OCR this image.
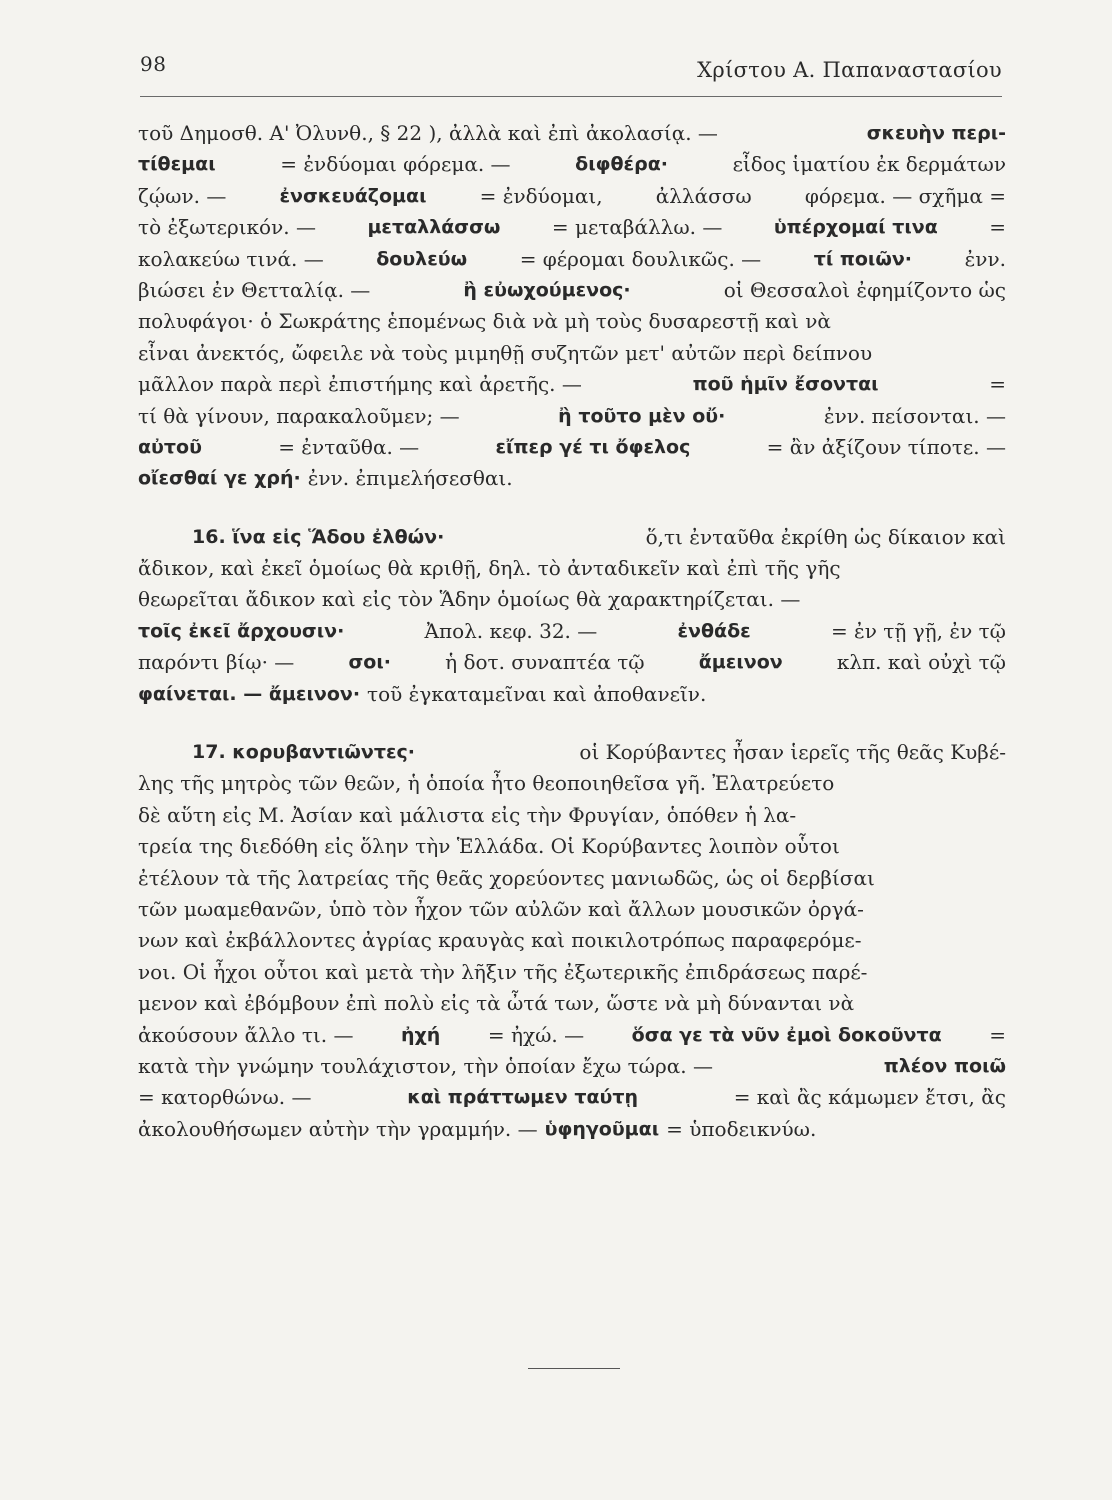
98	Χρίστου Α. Παπαναστασίου
τοῦ Δημοσθ. Α' Ὀλυνθ., § 22 ), ἀλλὰ καὶ ἐπὶ ἀκολασίᾳ. —	σκευὴν περι-
τίθεμαι	= ἐνδύομαι φόρεμα. —	διφθέρα·	εἶδος ἱματίου ἐκ δερμάτων
ζῴων. —	ἐνσκευάζομαι	= ἐνδύομαι,	ἀλλάσσω	φόρεμα. — σχῆμα =
τὸ ἐξωτερικόν. —	μεταλλάσσω	= μεταβάλλω. —	ὑπέρχομαί τινα	=
κολακεύω τινά. —	δουλεύω	= φέρομαι δουλικῶς. —	τί ποιῶν·	ἐνν.
βιώσει ἐν Θετταλίᾳ. —	ἢ εὐωχούμενος·	οἱ Θεσσαλοὶ ἐφημίζοντο ὡς
πολυφάγοι· ὁ Σωκράτης ἑπομένως διὰ νὰ μὴ τοὺς δυσαρεστῇ καὶ νὰ
εἶναι ἀνεκτός, ὤφειλε νὰ τοὺς μιμηθῇ συζητῶν μετ' αὐτῶν περὶ δείπνου
μᾶλλον παρὰ περὶ ἐπιστήμης καὶ ἀρετῆς. —	ποῦ ἡμῖν ἔσονται	=
τί θὰ γίνουν, παρακαλοῦμεν; —	ἢ τοῦτο μὲν οὔ·	ἐνν. πείσονται. —
αὐτοῦ	= ἐνταῦθα. —	εἴπερ γέ τι ὄφελος	= ἂν ἀξίζουν τίποτε. —
οἴεσθαί γε χρή· ἐνν. ἐπιμελήσεσθαι.
16. ἵνα εἰς Ἅδου ἐλθών·	ὅ,τι ἐνταῦθα ἐκρίθη ὡς δίκαιον καὶ
ἄδικον, καὶ ἐκεῖ ὁμοίως θὰ κριθῇ, δηλ. τὸ ἀνταδικεῖν καὶ ἐπὶ τῆς γῆς
θεωρεῖται ἄδικον καὶ εἰς τὸν Ἅδην ὁμοίως θὰ χαρακτηρίζεται. —
τοῖς ἐκεῖ ἄρχουσιν·	Ἀπολ. κεφ. 32. —	ἐνθάδε	= ἐν τῇ γῇ, ἐν τῷ
παρόντι βίῳ· —	σοι·	ἡ δοτ. συναπτέα τῷ	ἄμεινον	κλπ. καὶ οὐχὶ τῷ
φαίνεται. — ἄμεινον· τοῦ ἐγκαταμεῖναι καὶ ἀποθανεῖν.
17. κορυβαντιῶντες·	οἱ Κορύβαντες ἦσαν ἱερεῖς τῆς θεᾶς Κυβέ-
λης τῆς μητρὸς τῶν θεῶν, ἡ ὁποία ἦτο θεοποιηθεῖσα γῆ. Ἐλατρεύετο
δὲ αὕτη εἰς Μ. Ἀσίαν καὶ μάλιστα εἰς τὴν Φρυγίαν, ὁπόθεν ἡ λα-
τρεία της διεδόθη εἰς ὅλην τὴν Ἑλλάδα. Οἱ Κορύβαντες λοιπὸν οὗτοι
ἐτέλουν τὰ τῆς λατρείας τῆς θεᾶς χορεύοντες μανιωδῶς, ὡς οἱ δερβίσαι
τῶν μωαμεθανῶν, ὑπὸ τὸν ἦχον τῶν αὐλῶν καὶ ἄλλων μουσικῶν ὀργά-
νων καὶ ἐκβάλλοντες ἀγρίας κραυγὰς καὶ ποικιλοτρόπως παραφερόμε-
νοι. Οἱ ἦχοι οὗτοι καὶ μετὰ τὴν λῆξιν τῆς ἐξωτερικῆς ἐπιδράσεως παρέ-
μενον καὶ ἐβόμβουν ἐπὶ πολὺ εἰς τὰ ὦτά των, ὥστε νὰ μὴ δύνανται νὰ
ἀκούσουν ἄλλο τι. —	ἠχή = ἠχώ. —	ὅσα γε τὰ νῦν ἐμοὶ δοκοῦντα =
κατὰ τὴν γνώμην τουλάχιστον, τὴν ὁποίαν ἔχω τώρα. —	πλέον ποιῶ
= κατορθώνω. —	καὶ πράττωμεν ταύτῃ	= καὶ ἂς κάμωμεν ἔτσι, ἂς
ἀκολουθήσωμεν αὐτὴν τὴν γραμμήν. — ὑφηγοῦμαι = ὑποδεικνύω.
